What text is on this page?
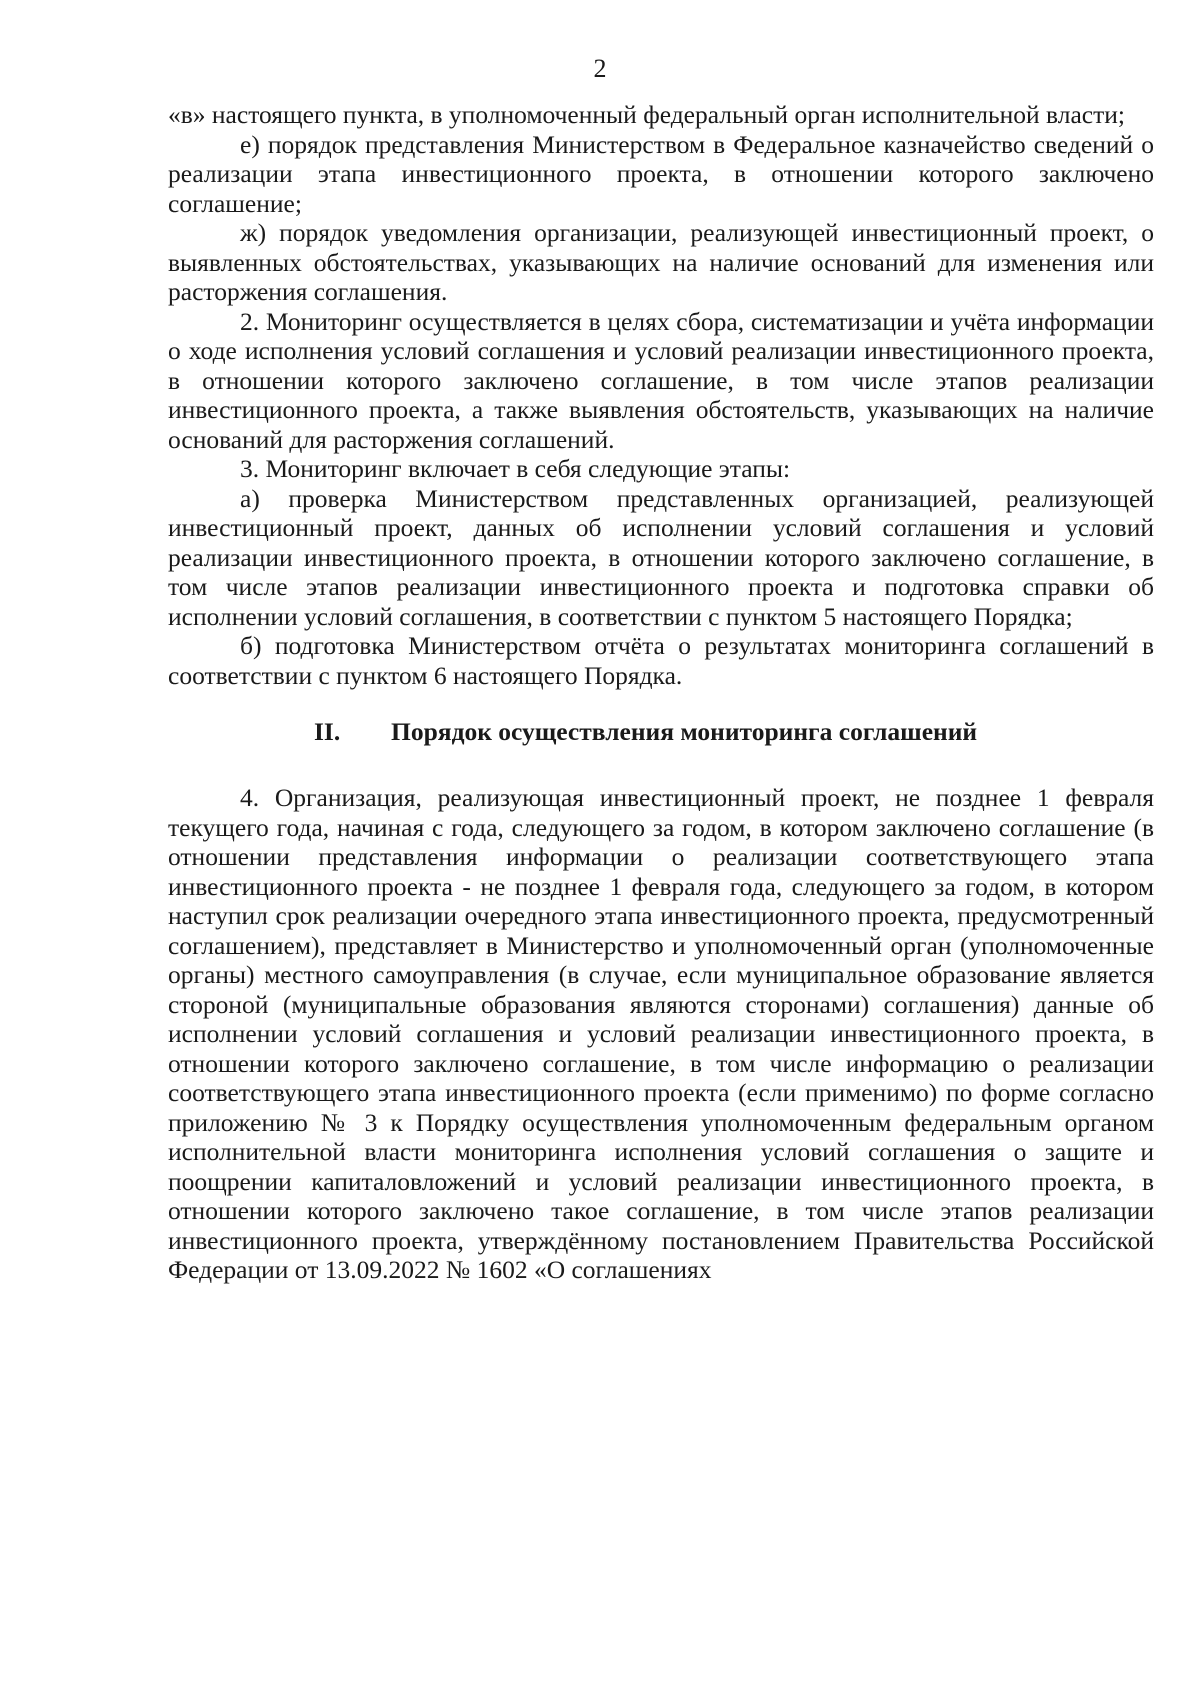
2

«в» настоящего пункта, в уполномоченный федеральный орган исполнительной власти;

е) порядок представления Министерством в Федеральное казначейство сведений о реализации этапа инвестиционного проекта, в отношении которого заключено соглашение;

ж) порядок уведомления организации, реализующей инвестиционный проект, о выявленных обстоятельствах, указывающих на наличие оснований для изменения или расторжения соглашения.

2. Мониторинг осуществляется в целях сбора, систематизации и учёта информации о ходе исполнения условий соглашения и условий реализации инвестиционного проекта, в отношении которого заключено соглашение, в том числе этапов реализации инвестиционного проекта, а также выявления обстоятельств, указывающих на наличие оснований для расторжения соглашений.

3. Мониторинг включает в себя следующие этапы:

а) проверка Министерством представленных организацией, реализующей инвестиционный проект, данных об исполнении условий соглашения и условий реализации инвестиционного проекта, в отношении которого заключено соглашение, в том числе этапов реализации инвестиционного проекта и подготовка справки об исполнении условий соглашения, в соответствии с пунктом 5 настоящего Порядка;

б) подготовка Министерством отчёта о результатах мониторинга соглашений в соответствии с пунктом 6 настоящего Порядка.

II. Порядок осуществления мониторинга соглашений

4. Организация, реализующая инвестиционный проект, не позднее 1 февраля текущего года, начиная с года, следующего за годом, в котором заключено соглашение (в отношении представления информации о реализации соответствующего этапа инвестиционного проекта - не позднее 1 февраля года, следующего за годом, в котором наступил срок реализации очередного этапа инвестиционного проекта, предусмотренный соглашением), представляет в Министерство и уполномоченный орган (уполномоченные органы) местного самоуправления (в случае, если муниципальное образование является стороной (муниципальные образования являются сторонами) соглашения) данные об исполнении условий соглашения и условий реализации инвестиционного проекта, в отношении которого заключено соглашение, в том числе информацию о реализации соответствующего этапа инвестиционного проекта (если применимо) по форме согласно приложению № 3 к Порядку осуществления уполномоченным федеральным органом исполнительной власти мониторинга исполнения условий соглашения о защите и поощрении капиталовложений и условий реализации инвестиционного проекта, в отношении которого заключено такое соглашение, в том числе этапов реализации инвестиционного проекта, утверждённому постановлением Правительства Российской Федерации от 13.09.2022 № 1602 «О соглашениях
